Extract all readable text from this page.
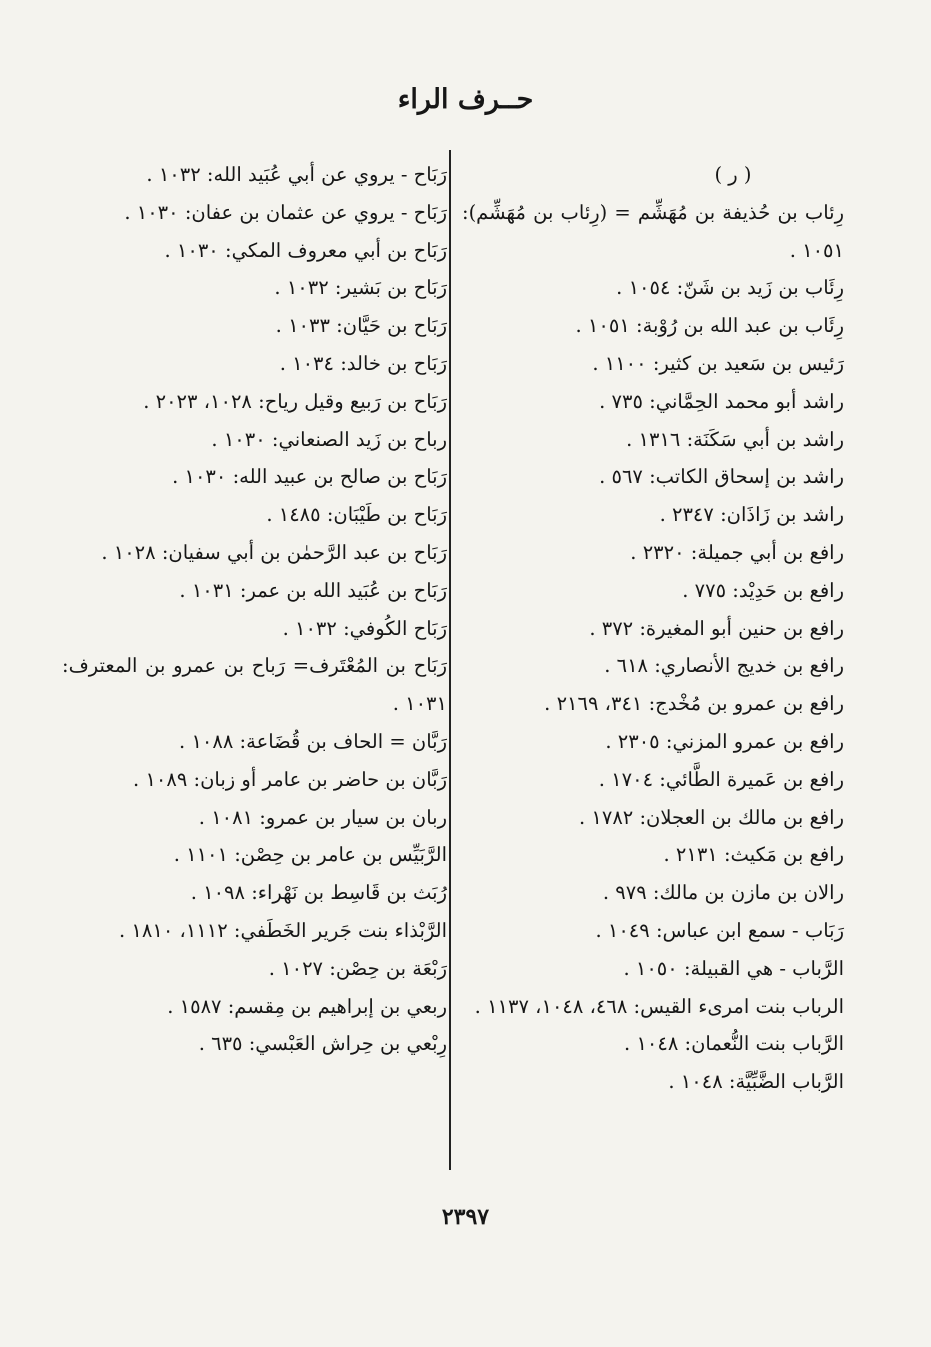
حــرف الراء
( ر )
رِئاب بن حُذيفة بن مُهَشِّم = (رِئاب بن مُهَشِّم): ١٠٥١ .
رِئَاب بن زَيد بن شَنّ: ١٠٥٤ .
رِئَاب بن عبد الله بن رُوْبة: ١٠٥١ .
رَئيس بن سَعيد بن كثير: ١١٠٠ .
راشد أبو محمد الحِمَّاني: ٧٣٥ .
راشد بن أبي سَكَنَة: ١٣١٦ .
راشد بن إسحاق الكاتب: ٥٦٧ .
راشد بن زَاذَان: ٢٣٤٧ .
رافع بن أبي جميلة: ٢٣٢٠ .
رافع بن حَدِيْد: ٧٧٥ .
رافع بن حنين أبو المغيرة: ٣٧٢ .
رافع بن خديج الأنصاري: ٦١٨ .
رافع بن عمرو بن مُخْدج: ٣٤١، ٢١٦٩ .
رافع بن عمرو المزني: ٢٣٠٥ .
رافع بن عَميرة الطَّائي: ١٧٠٤ .
رافع بن مالك بن العجلان: ١٧٨٢ .
رافع بن مَكيث: ٢١٣١ .
رالان بن مازن بن مالك: ٩٧٩ .
رَبَاب - سمع ابن عباس: ١٠٤٩ .
الرَّباب - هي القبيلة: ١٠٥٠ .
الرباب بنت امرىء القيس: ٤٦٨، ١٠٤٨، ١١٣٧ .
الرَّباب بنت النُّعمان: ١٠٤٨ .
الرَّباب الضَّبِّيَّة: ١٠٤٨ .
رَبَاح - يروي عن أبي عُبَيد الله: ١٠٣٢ .
رَبَاح - يروي عن عثمان بن عفان: ١٠٣٠ .
رَبَاح بن أبي معروف المكي: ١٠٣٠ .
رَبَاح بن بَشير: ١٠٣٢ .
رَبَاح بن حَيَّان: ١٠٣٣ .
رَبَاح بن خالد: ١٠٣٤ .
رَبَاح بن رَبيع وقيل رياح: ١٠٢٨، ٢٠٢٣ .
رباح بن زَيد الصنعاني: ١٠٣٠ .
رَبَاح بن صالح بن عبيد الله: ١٠٣٠ .
رَبَاح بن طَيْبَان: ١٤٨٥ .
رَبَاح بن عبد الرَّحمٰن بن أبي سفيان: ١٠٢٨ .
رَبَاح بن عُبَيد الله بن عمر: ١٠٣١ .
رَبَاح الكُوفي: ١٠٣٢ .
رَبَاح بن المُعْتَرف= رَباح بن عمرو بن المعترف: ١٠٣١ .
رَبَّان = الحاف بن قُضَاعة: ١٠٨٨ .
رَبَّان بن حاضر بن عامر أو زبان: ١٠٨٩ .
ربان بن سيار بن عمرو: ١٠٨١ .
الرَّبَيِّس بن عامر بن حِصْن: ١١٠١ .
رُبَث بن قَاسِط بن نَهْراء: ١٠٩٨ .
الرَّبْذاء بنت جَرير الخَطَفي: ١١١٢، ١٨١٠ .
رَبْعَة بن حِصْن: ١٠٢٧ .
ربعي بن إبراهيم بن مِقسم: ١٥٨٧ .
رِبْعي بن حِراش العَبْسي: ٦٣٥ .
٢٣٩٧
